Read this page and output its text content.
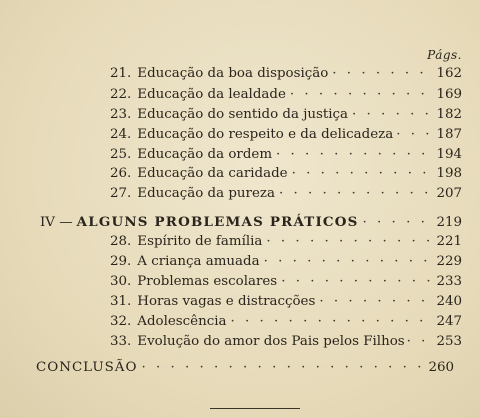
Págs.
21. Educação da boa disposição · · ·	162
22. Educação da lealdade · · ·	169
23. Educação do sentido da justiça · · ·	182
24. Educação do respeito e da delicadeza · · ·	187
25. Educação da ordem · · ·	194
26. Educação da caridade · · ·	198
27. Educação da pureza · · ·	207
IV — ALGUNS PROBLEMAS PRÁTICOS · · ·	219
28. Espírito de família · · ·	221
29. A criança amuada · · ·	229
30. Problemas escolares · · ·	233
31. Horas vagas e distracções · · ·	240
32. Adolescência · · ·	247
33. Evolução do amor dos Pais pelos Filhos · · · 253
CONCLUSÃO · · ·	260
